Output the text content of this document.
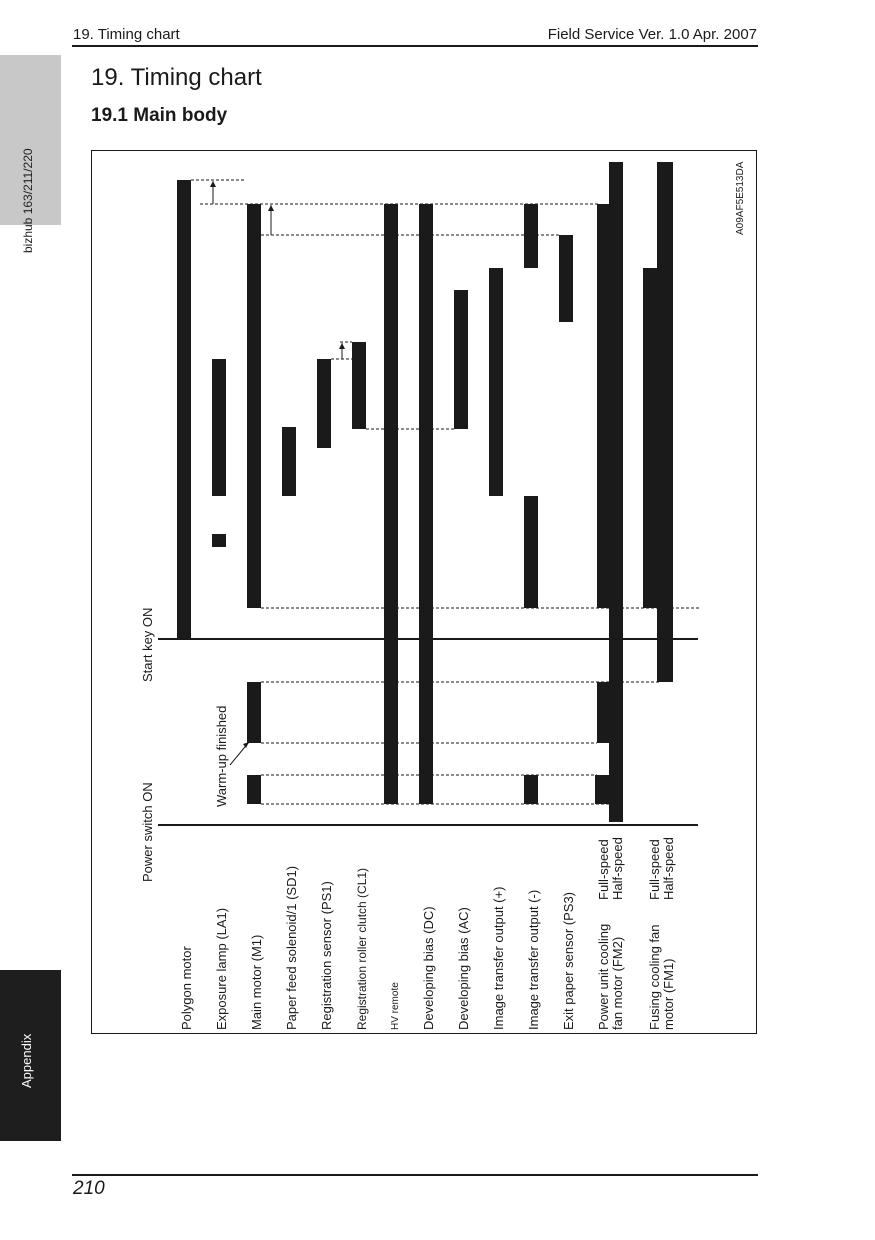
19. Timing chart	Field Service Ver. 1.0 Apr. 2007
bizhub 163/211/220
Appendix
19. Timing chart
19.1 Main body
Power switch ON
Start key ON
Warm-up finished
A09AF5E513DA
Polygon motor Exposure lamp (LA1) Main motor (M1) Paper feed solenoid/1 (SD1) Registration sensor (PS1) Registration roller clutch (CL1) HV remote Developing bias (DC) Developing bias (AC) Image transfer output (+) Image transfer output (-) Exit paper sensor (PS3) Power unit cooling fan motor (FM2) Fusing cooling fan motor (FM1)
Full-speed Half-speed Full-speed Half-speed
210
